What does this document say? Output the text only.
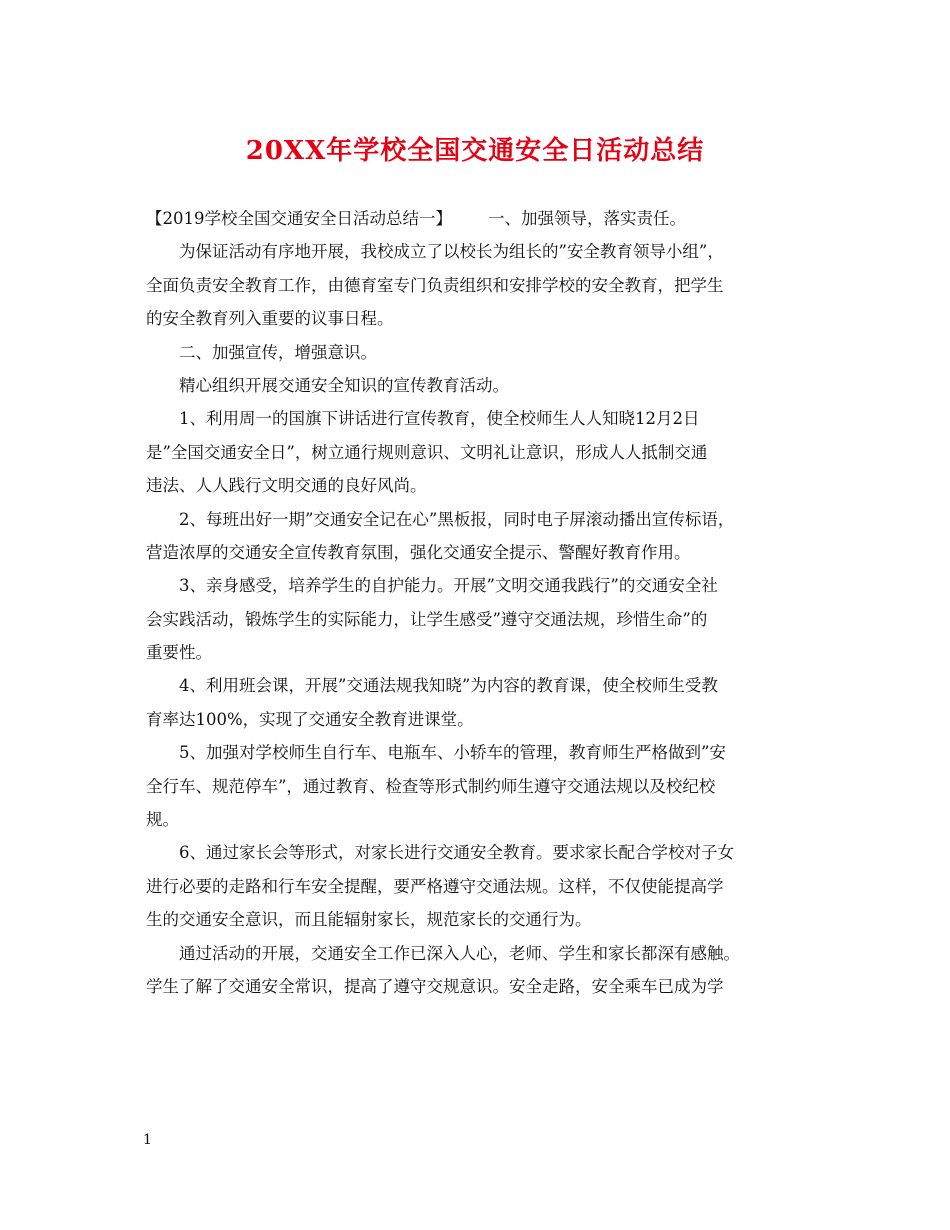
20XX年学校全国交通安全日活动总结

【2019学校全国交通安全日活动总结一】 一、加强领导，落实责任。

为保证活动有序地开展，我校成立了以校长为组长的”安全教育领导小组”，

全面负责安全教育工作，由德育室专门负责组织和安排学校的安全教育，把学生

的安全教育列入重要的议事日程。

二、加强宣传，增强意识。

精心组织开展交通安全知识的宣传教育活动。

1、利用周一的国旗下讲话进行宣传教育，使全校师生人人知晓12月2日

是”全国交通安全日”，树立通行规则意识、文明礼让意识，形成人人抵制交通

违法、人人践行文明交通的良好风尚。

2、每班出好一期”交通安全记在心”黑板报，同时电子屏滚动播出宣传标语，

营造浓厚的交通安全宣传教育氛围，强化交通安全提示、警醒好教育作用。

3、亲身感受，培养学生的自护能力。开展”文明交通我践行”的交通安全社

会实践活动，锻炼学生的实际能力，让学生感受”遵守交通法规，珍惜生命”的

重要性。

4、利用班会课，开展”交通法规我知晓”为内容的教育课，使全校师生受教

育率达100%，实现了交通安全教育进课堂。

5、加强对学校师生自行车、电瓶车、小轿车的管理，教育师生严格做到”安

全行车、规范停车”，通过教育、检查等形式制约师生遵守交通法规以及校纪校

规。

6、通过家长会等形式，对家长进行交通安全教育。要求家长配合学校对子女

进行必要的走路和行车安全提醒，要严格遵守交通法规。这样，不仅使能提高学

生的交通安全意识，而且能辐射家长，规范家长的交通行为。

通过活动的开展，交通安全工作已深入人心，老师、学生和家长都深有感触。

学生了解了交通安全常识，提高了遵守交规意识。安全走路，安全乘车已成为学

1
